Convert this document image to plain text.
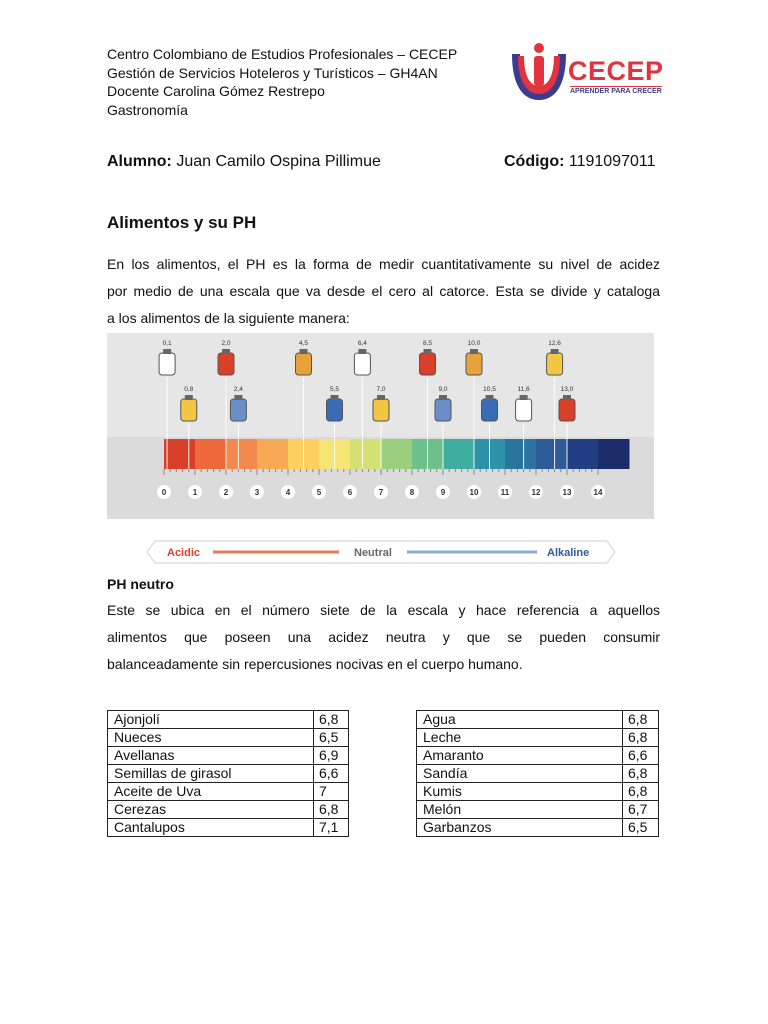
Centro Colombiano de Estudios Profesionales – CECEP
Gestión de Servicios Hoteleros y Turísticos – GH4AN
Docente Carolina Gómez Restrepo
Gastronomía
CECEP
APRENDER PARA CRECER
Alumno: Juan Camilo Ospina Pillimue	Código: 1191097011
Alimentos y su PH
En los alimentos, el PH es la forma de medir cuantitativamente su nivel de acidez
por medio de una escala que va desde el cero al catorce. Esta se divide y cataloga
a los alimentos de la siguiente manera:
0	1	2	3	4	5	6	7	8	9	10	11	12	13	14
0,1
0,8
2,0
2,4
4,5
5,5
6,4
7,0
8,5
9,0
10,0
10,5	11,6
12,6
13,0
Acidic	Neutral	Alkaline
PH neutro
Este se ubica en el número siete de la escala y hace referencia a aquellos
alimentos que poseen una acidez neutra y que se pueden consumir
balanceadamente sin repercusiones nocivas en el cuerpo humano.
Ajonjolí	6,8
Nueces	6,5
Avellanas	6,9
Semillas de girasol	6,6
Aceite de Uva	7
Cerezas	6,8
Cantalupos	7,1
Agua	6,8
Leche	6,8
Amaranto	6,6
Sandía	6,8
Kumis	6,8
Melón	6,7
Garbanzos	6,5
